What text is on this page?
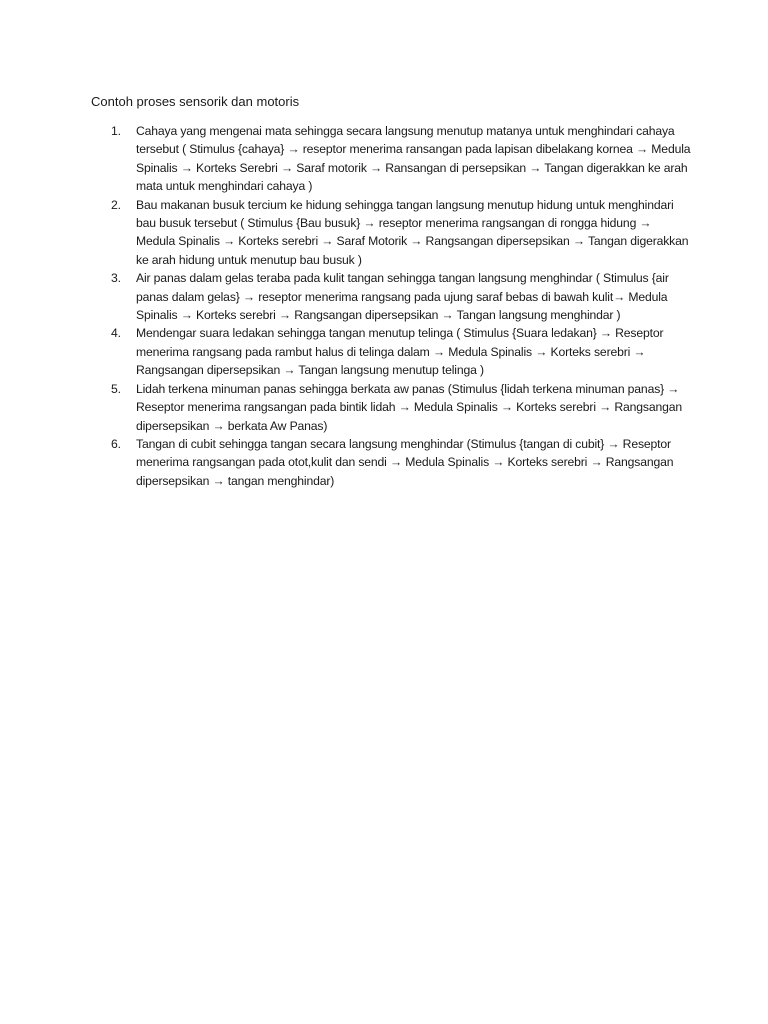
Contoh proses sensorik dan motoris
1. Cahaya yang mengenai mata sehingga secara langsung menutup matanya untuk menghindari cahaya tersebut ( Stimulus {cahaya} → reseptor menerima ransangan pada lapisan dibelakang kornea → Medula Spinalis → Korteks Serebri → Saraf motorik → Ransangan di persepsikan → Tangan digerakkan ke arah mata untuk menghindari cahaya )
2. Bau makanan busuk tercium ke hidung sehingga tangan langsung menutup hidung untuk menghindari bau busuk tersebut ( Stimulus {Bau busuk} → reseptor menerima rangsangan di rongga hidung → Medula Spinalis → Korteks serebri → Saraf Motorik → Rangsangan dipersepsikan → Tangan digerakkan ke arah hidung untuk menutup bau busuk )
3. Air panas dalam gelas teraba pada kulit tangan sehingga tangan langsung menghindar ( Stimulus {air panas dalam gelas} → reseptor menerima rangsang pada ujung saraf bebas di bawah kulit→ Medula Spinalis → Korteks serebri → Rangsangan dipersepsikan → Tangan langsung menghindar )
4. Mendengar suara ledakan sehingga tangan menutup telinga ( Stimulus {Suara ledakan} → Reseptor menerima rangsang pada rambut halus di telinga dalam → Medula Spinalis → Korteks serebri → Rangsangan dipersepsikan → Tangan langsung menutup telinga )
5. Lidah terkena minuman panas sehingga berkata aw panas (Stimulus {lidah terkena minuman panas} → Reseptor menerima rangsangan pada bintik lidah → Medula Spinalis → Korteks serebri → Rangsangan dipersepsikan → berkata Aw Panas)
6. Tangan di cubit sehingga tangan secara langsung menghindar (Stimulus {tangan di cubit} → Reseptor menerima rangsangan pada otot,kulit dan sendi → Medula Spinalis → Korteks serebri → Rangsangan dipersepsikan → tangan menghindar)
